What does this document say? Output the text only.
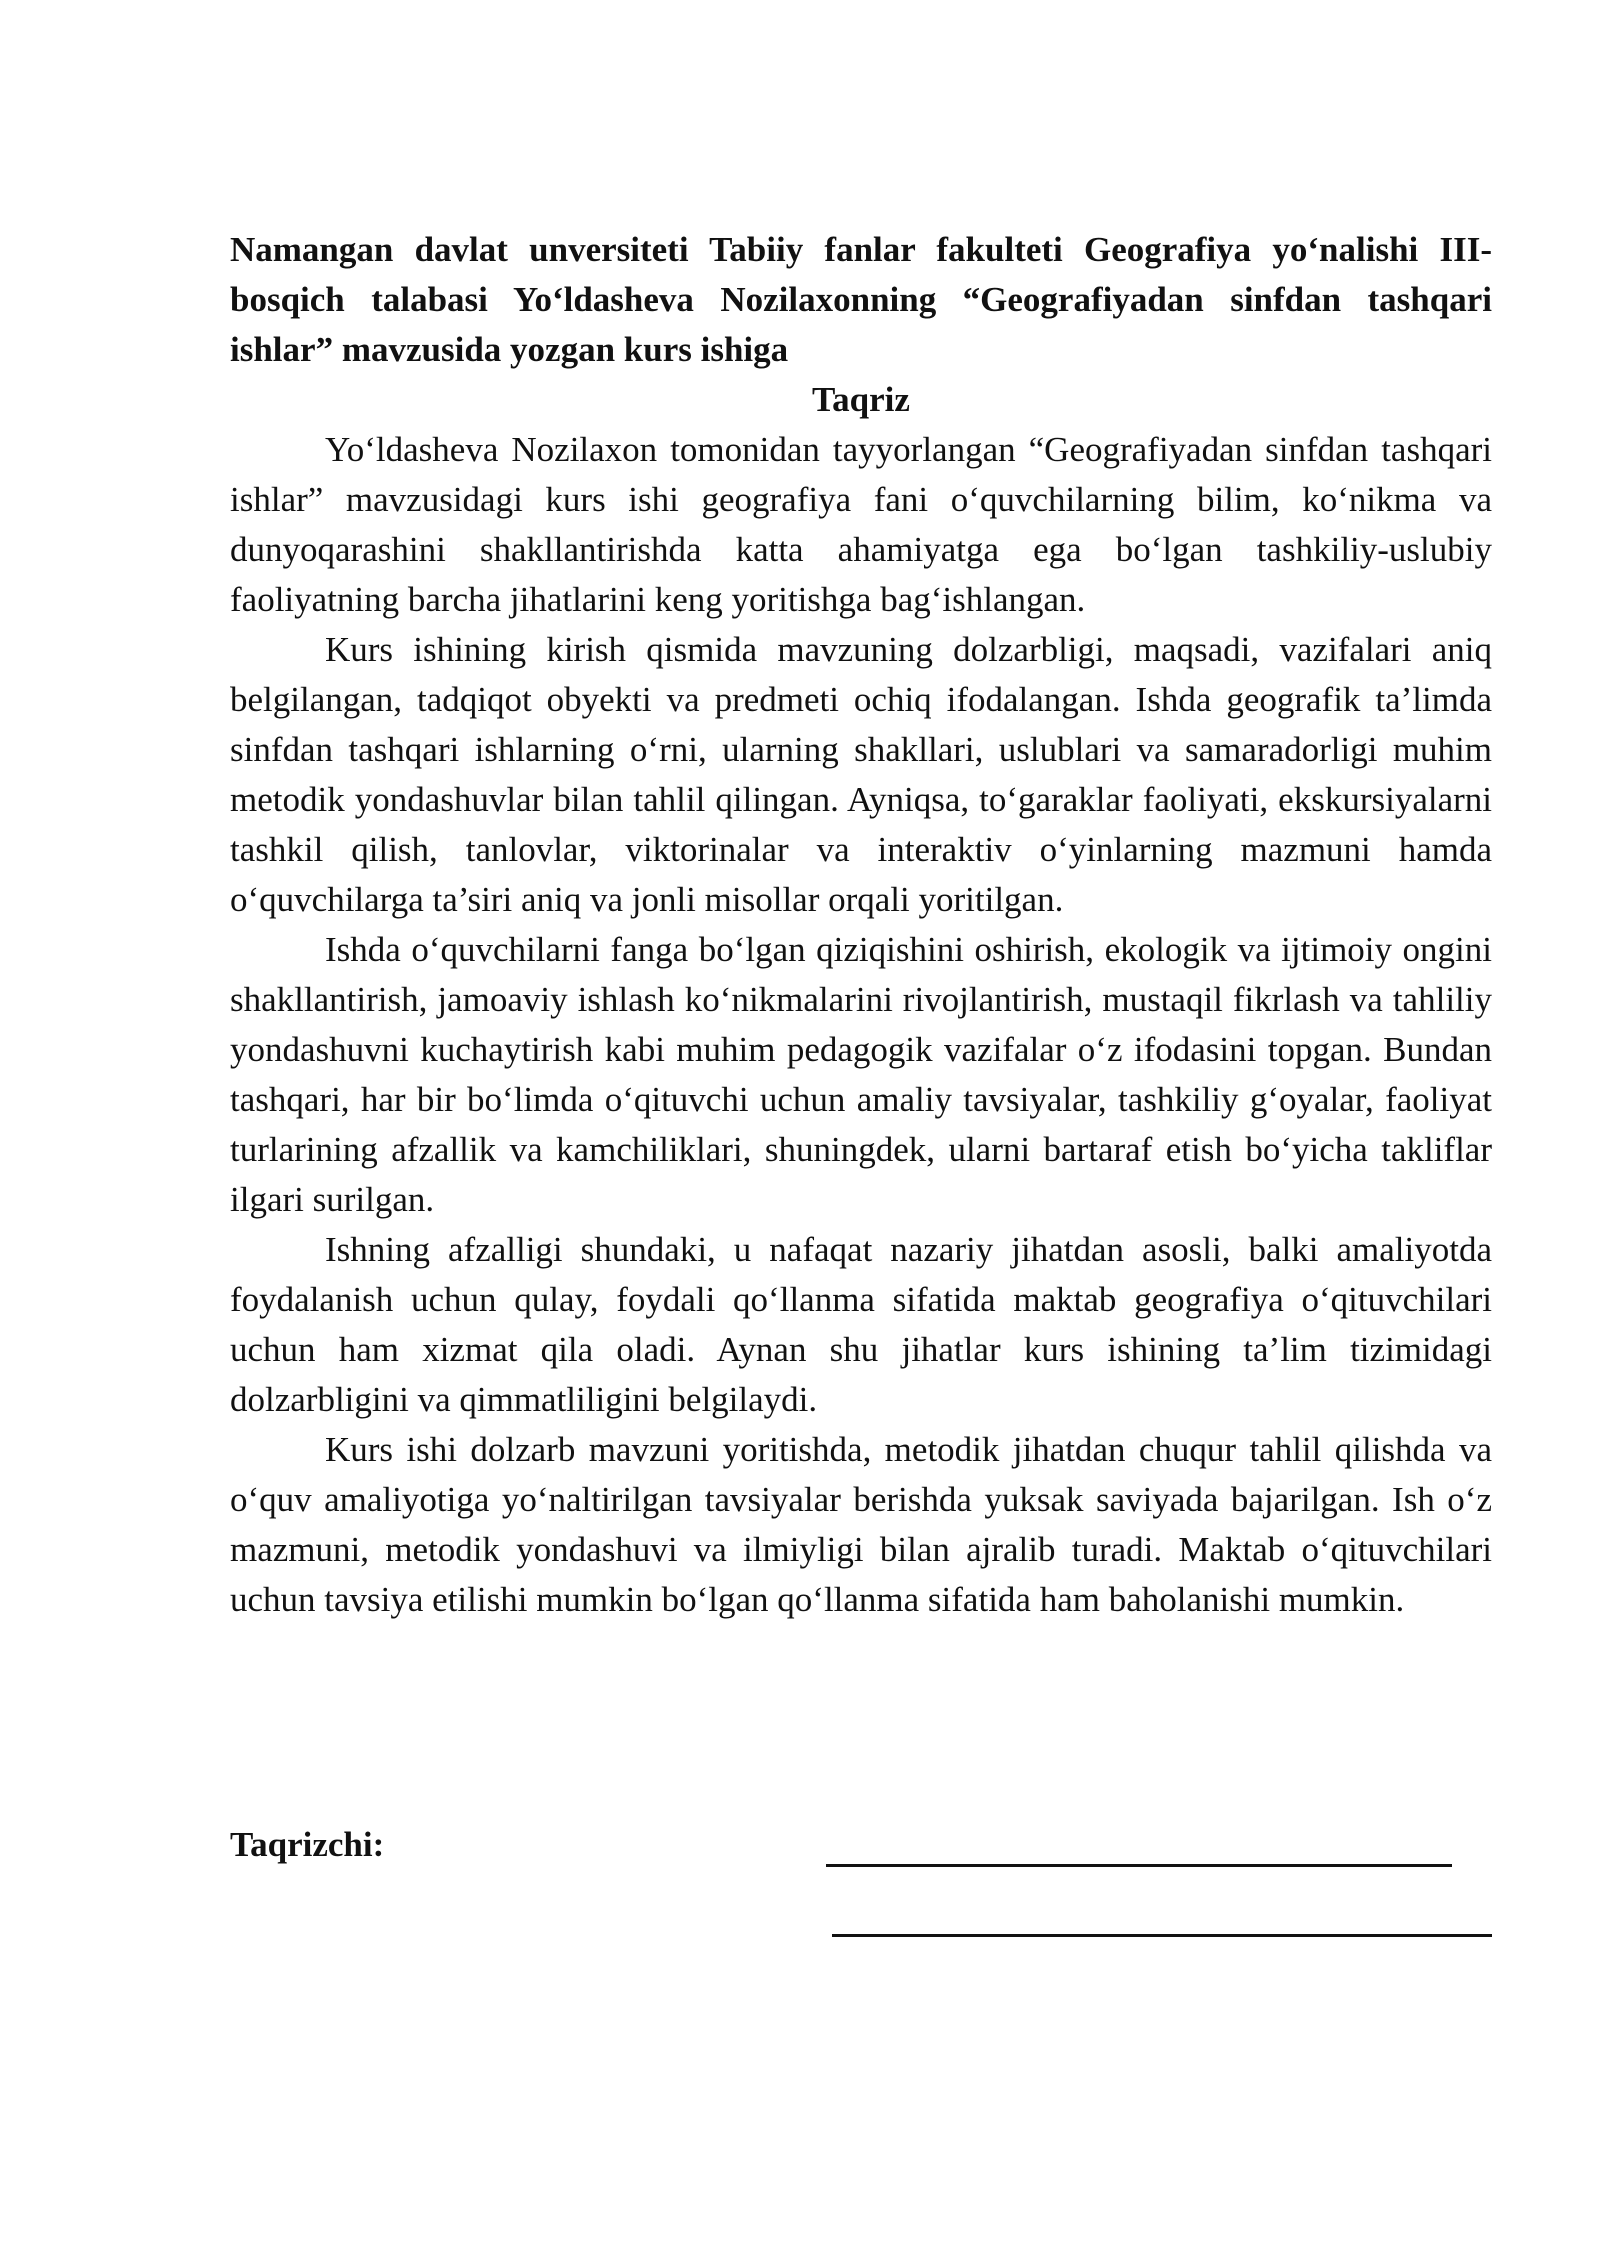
Namangan davlat unversiteti Tabiiy fanlar fakulteti Geografiya yo‘nalishi III-bosqich talabasi Yo‘ldasheva Nozilaxonning “Geografiyadan sinfdan tashqari ishlar” mavzusida yozgan kurs ishiga

Taqriz

Yo‘ldasheva Nozilaxon tomonidan tayyorlangan “Geografiyadan sinfdan tashqari ishlar” mavzusidagi kurs ishi geografiya fani o‘quvchilarning bilim, ko‘nikma va dunyoqarashini shakllantirishda katta ahamiyatga ega bo‘lgan tashkiliy-uslubiy faoliyatning barcha jihatlarini keng yoritishga bag‘ishlangan.

Kurs ishining kirish qismida mavzuning dolzarbligi, maqsadi, vazifalari aniq belgilangan, tadqiqot obyekti va predmeti ochiq ifodalangan. Ishda geografik ta’limda sinfdan tashqari ishlarning o‘rni, ularning shakllari, uslublari va samaradorligi muhim metodik yondashuvlar bilan tahlil qilingan. Ayniqsa, to‘garaklar faoliyati, ekskursiyalarni tashkil qilish, tanlovlar, viktorinalar va interaktiv o‘yinlarning mazmuni hamda o‘quvchilarga ta’siri aniq va jonli misollar orqali yoritilgan.

Ishda o‘quvchilarni fanga bo‘lgan qiziqishini oshirish, ekologik va ijtimoiy ongini shakllantirish, jamoaviy ishlash ko‘nikmalarini rivojlantirish, mustaqil fikrlash va tahliliy yondashuvni kuchaytirish kabi muhim pedagogik vazifalar o‘z ifodasini topgan. Bundan tashqari, har bir bo‘limda o‘qituvchi uchun amaliy tavsiyalar, tashkiliy g‘oyalar, faoliyat turlarining afzallik va kamchiliklari, shuningdek, ularni bartaraf etish bo‘yicha takliflar ilgari surilgan.

Ishning afzalligi shundaki, u nafaqat nazariy jihatdan asosli, balki amaliyotda foydalanish uchun qulay, foydali qo‘llanma sifatida maktab geografiya o‘qituvchilari uchun ham xizmat qila oladi. Aynan shu jihatlar kurs ishining ta’lim tizimidagi dolzarbligini va qimmatliligini belgilaydi.

Kurs ishi dolzarb mavzuni yoritishda, metodik jihatdan chuqur tahlil qilishda va o‘quv amaliyotiga yo‘naltirilgan tavsiyalar berishda yuksak saviyada bajarilgan. Ish o‘z mazmuni, metodik yondashuvi va ilmiyligi bilan ajralib turadi. Maktab o‘qituvchilari uchun tavsiya etilishi mumkin bo‘lgan qo‘llanma sifatida ham baholanishi mumkin.

Taqrizchi:
